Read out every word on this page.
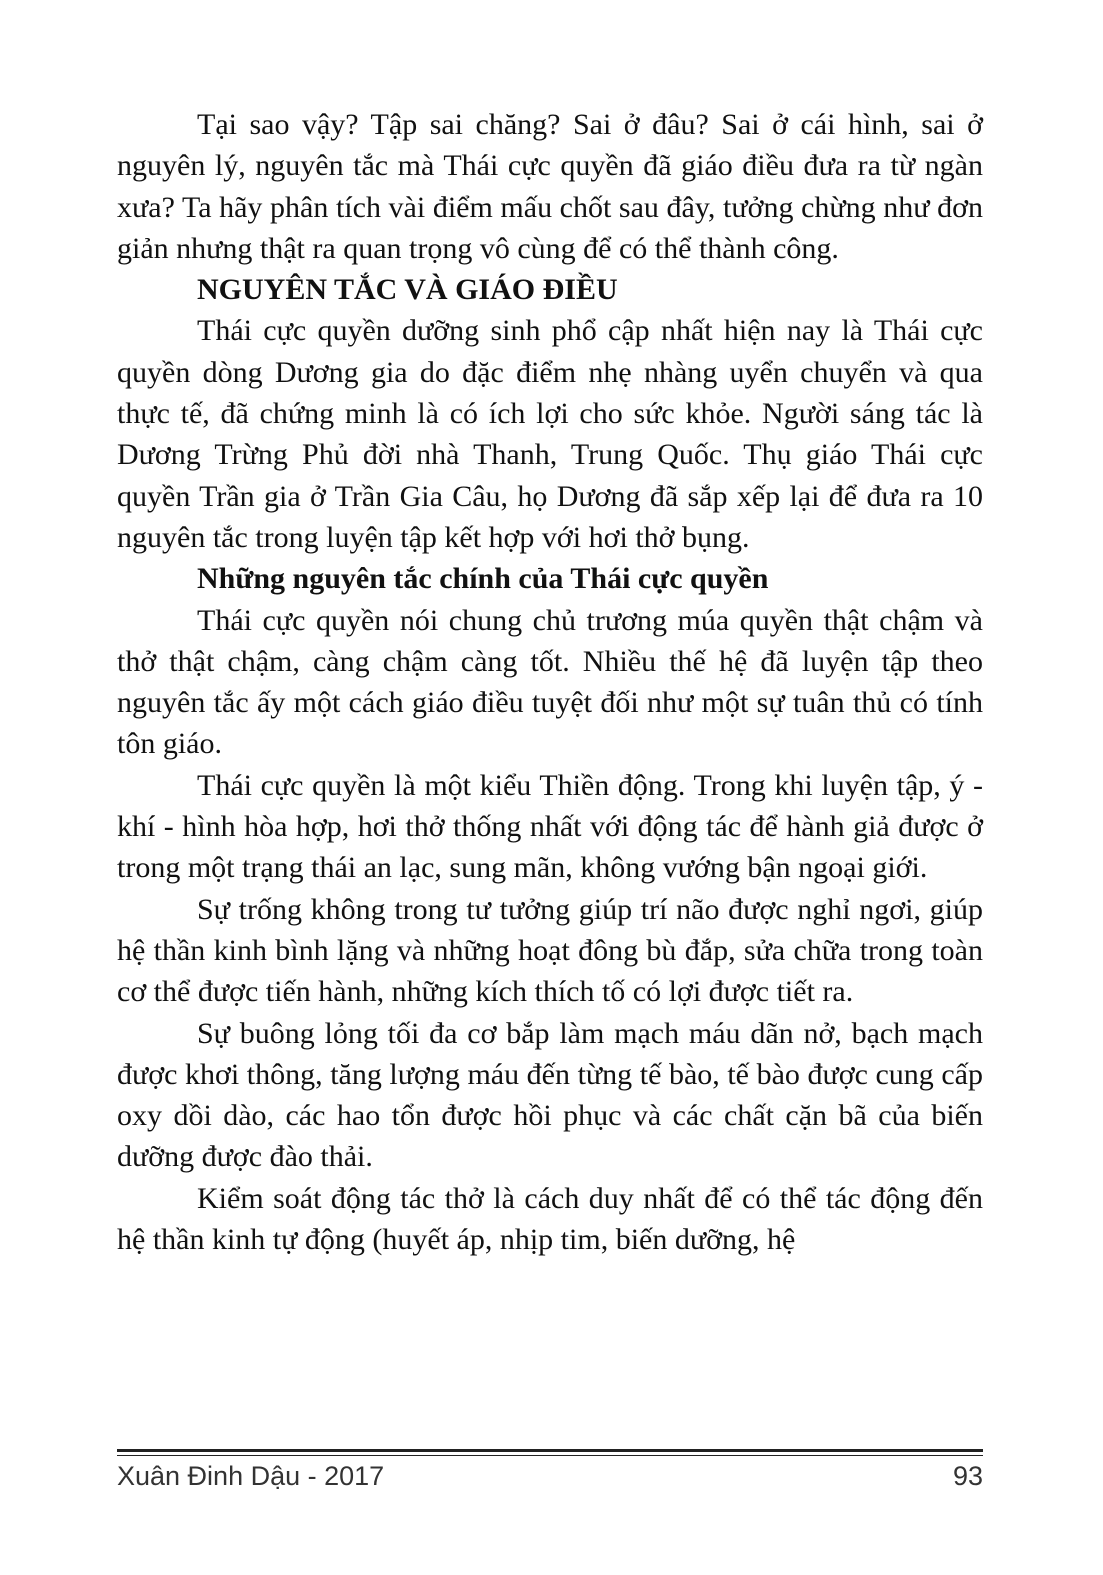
Tại sao vậy? Tập sai chăng? Sai ở đâu? Sai ở cái hình, sai ở nguyên lý, nguyên tắc mà Thái cực quyền đã giáo điều đưa ra từ ngàn xưa? Ta hãy phân tích vài điểm mấu chốt sau đây, tưởng chừng như đơn giản nhưng thật ra quan trọng vô cùng để có thể thành công.

NGUYÊN TẮC VÀ GIÁO ĐIỀU

Thái cực quyền dưỡng sinh phổ cập nhất hiện nay là Thái cực quyền dòng Dương gia do đặc điểm nhẹ nhàng uyển chuyển và qua thực tế, đã chứng minh là có ích lợi cho sức khỏe. Người sáng tác là Dương Trừng Phủ đời nhà Thanh, Trung Quốc. Thụ giáo Thái cực quyền Trần gia ở Trần Gia Câu, họ Dương đã sắp xếp lại để đưa ra 10 nguyên tắc trong luyện tập kết hợp với hơi thở bụng.

Những nguyên tắc chính của Thái cực quyền

Thái cực quyền nói chung chủ trương múa quyền thật chậm và thở thật chậm, càng chậm càng tốt. Nhiều thế hệ đã luyện tập theo nguyên tắc ấy một cách giáo điều tuyệt đối như một sự tuân thủ có tính tôn giáo.

Thái cực quyền là một kiểu Thiền động. Trong khi luyện tập, ý - khí - hình hòa hợp, hơi thở thống nhất với động tác để hành giả được ở trong một trạng thái an lạc, sung mãn, không vướng bận ngoại giới.

Sự trống không trong tư tưởng giúp trí não được nghỉ ngơi, giúp hệ thần kinh bình lặng và những hoạt đông bù đắp, sửa chữa trong toàn cơ thể được tiến hành, những kích thích tố có lợi được tiết ra.

Sự buông lỏng tối đa cơ bắp làm mạch máu dãn nở, bạch mạch được khơi thông, tăng lượng máu đến từng tế bào, tế bào được cung cấp oxy dồi dào, các hao tổn được hồi phục và các chất cặn bã của biến dưỡng được đào thải.

Kiểm soát động tác thở là cách duy nhất để có thể tác động đến hệ thần kinh tự động (huyết áp, nhịp tim, biến dưỡng, hệ

Xuân Đinh Dậu - 2017	93
